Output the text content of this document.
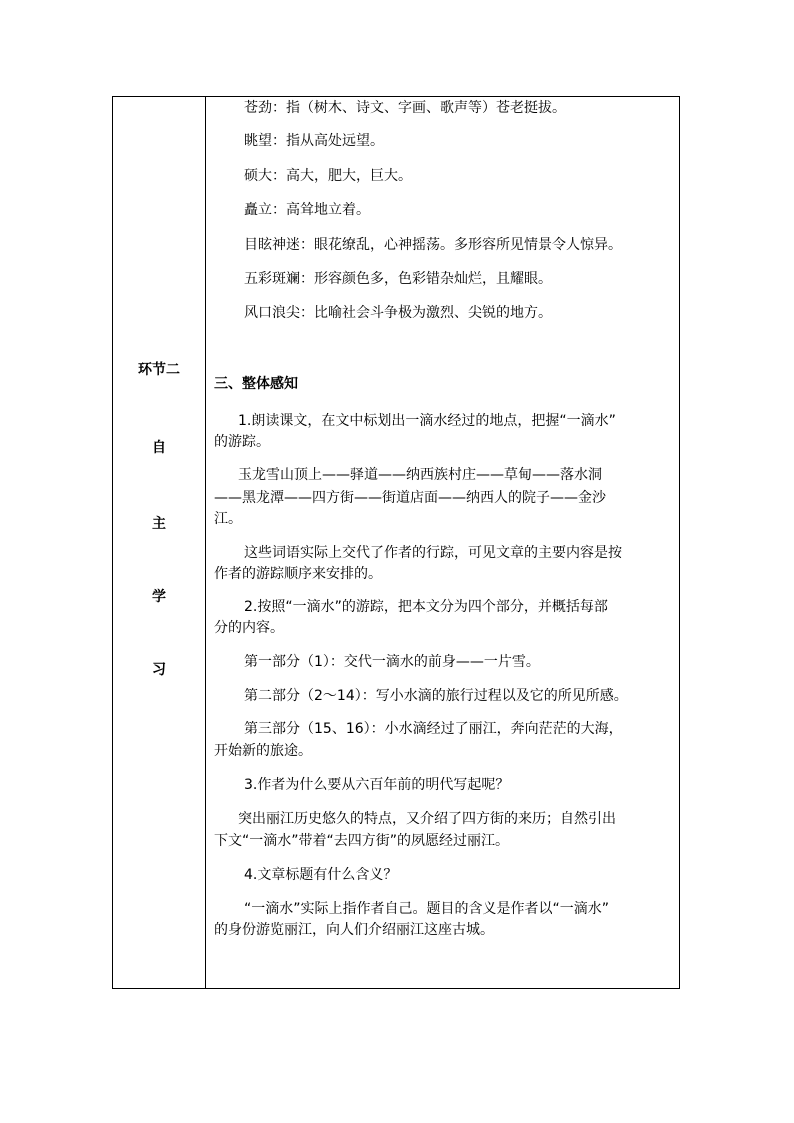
环节二
自
主
学
习
苍劲：指（树木、诗文、字画、歌声等）苍老挺拔。
眺望：指从高处远望。
硕大：高大，肥大，巨大。
矗立：高耸地立着。
目眩神迷：眼花缭乱，心神摇荡。多形容所见情景令人惊异。
五彩斑斓：形容颜色多，色彩错杂灿烂，且耀眼。
风口浪尖：比喻社会斗争极为激烈、尖锐的地方。
三、整体感知
1.朗读课文，在文中标划出一滴水经过的地点，把握“一滴水”
的游踪。
玉龙雪山顶上——驿道——纳西族村庄——草甸——落水洞
——黑龙潭——四方街——街道店面——纳西人的院子——金沙
江。
这些词语实际上交代了作者的行踪，可见文章的主要内容是按
作者的游踪顺序来安排的。
2.按照“一滴水”的游踪，把本文分为四个部分，并概括每部
分的内容。
第一部分（1）：交代一滴水的前身——一片雪。
第二部分（2～14）：写小水滴的旅行过程以及它的所见所感。
第三部分（15、16）：小水滴经过了丽江，奔向茫茫的大海，
开始新的旅途。
3.作者为什么要从六百年前的明代写起呢？
突出丽江历史悠久的特点，又介绍了四方街的来历；自然引出
下文“一滴水”带着“去四方街”的夙愿经过丽江。
4.文章标题有什么含义？
“一滴水”实际上指作者自己。题目的含义是作者以“一滴水”
的身份游览丽江，向人们介绍丽江这座古城。
